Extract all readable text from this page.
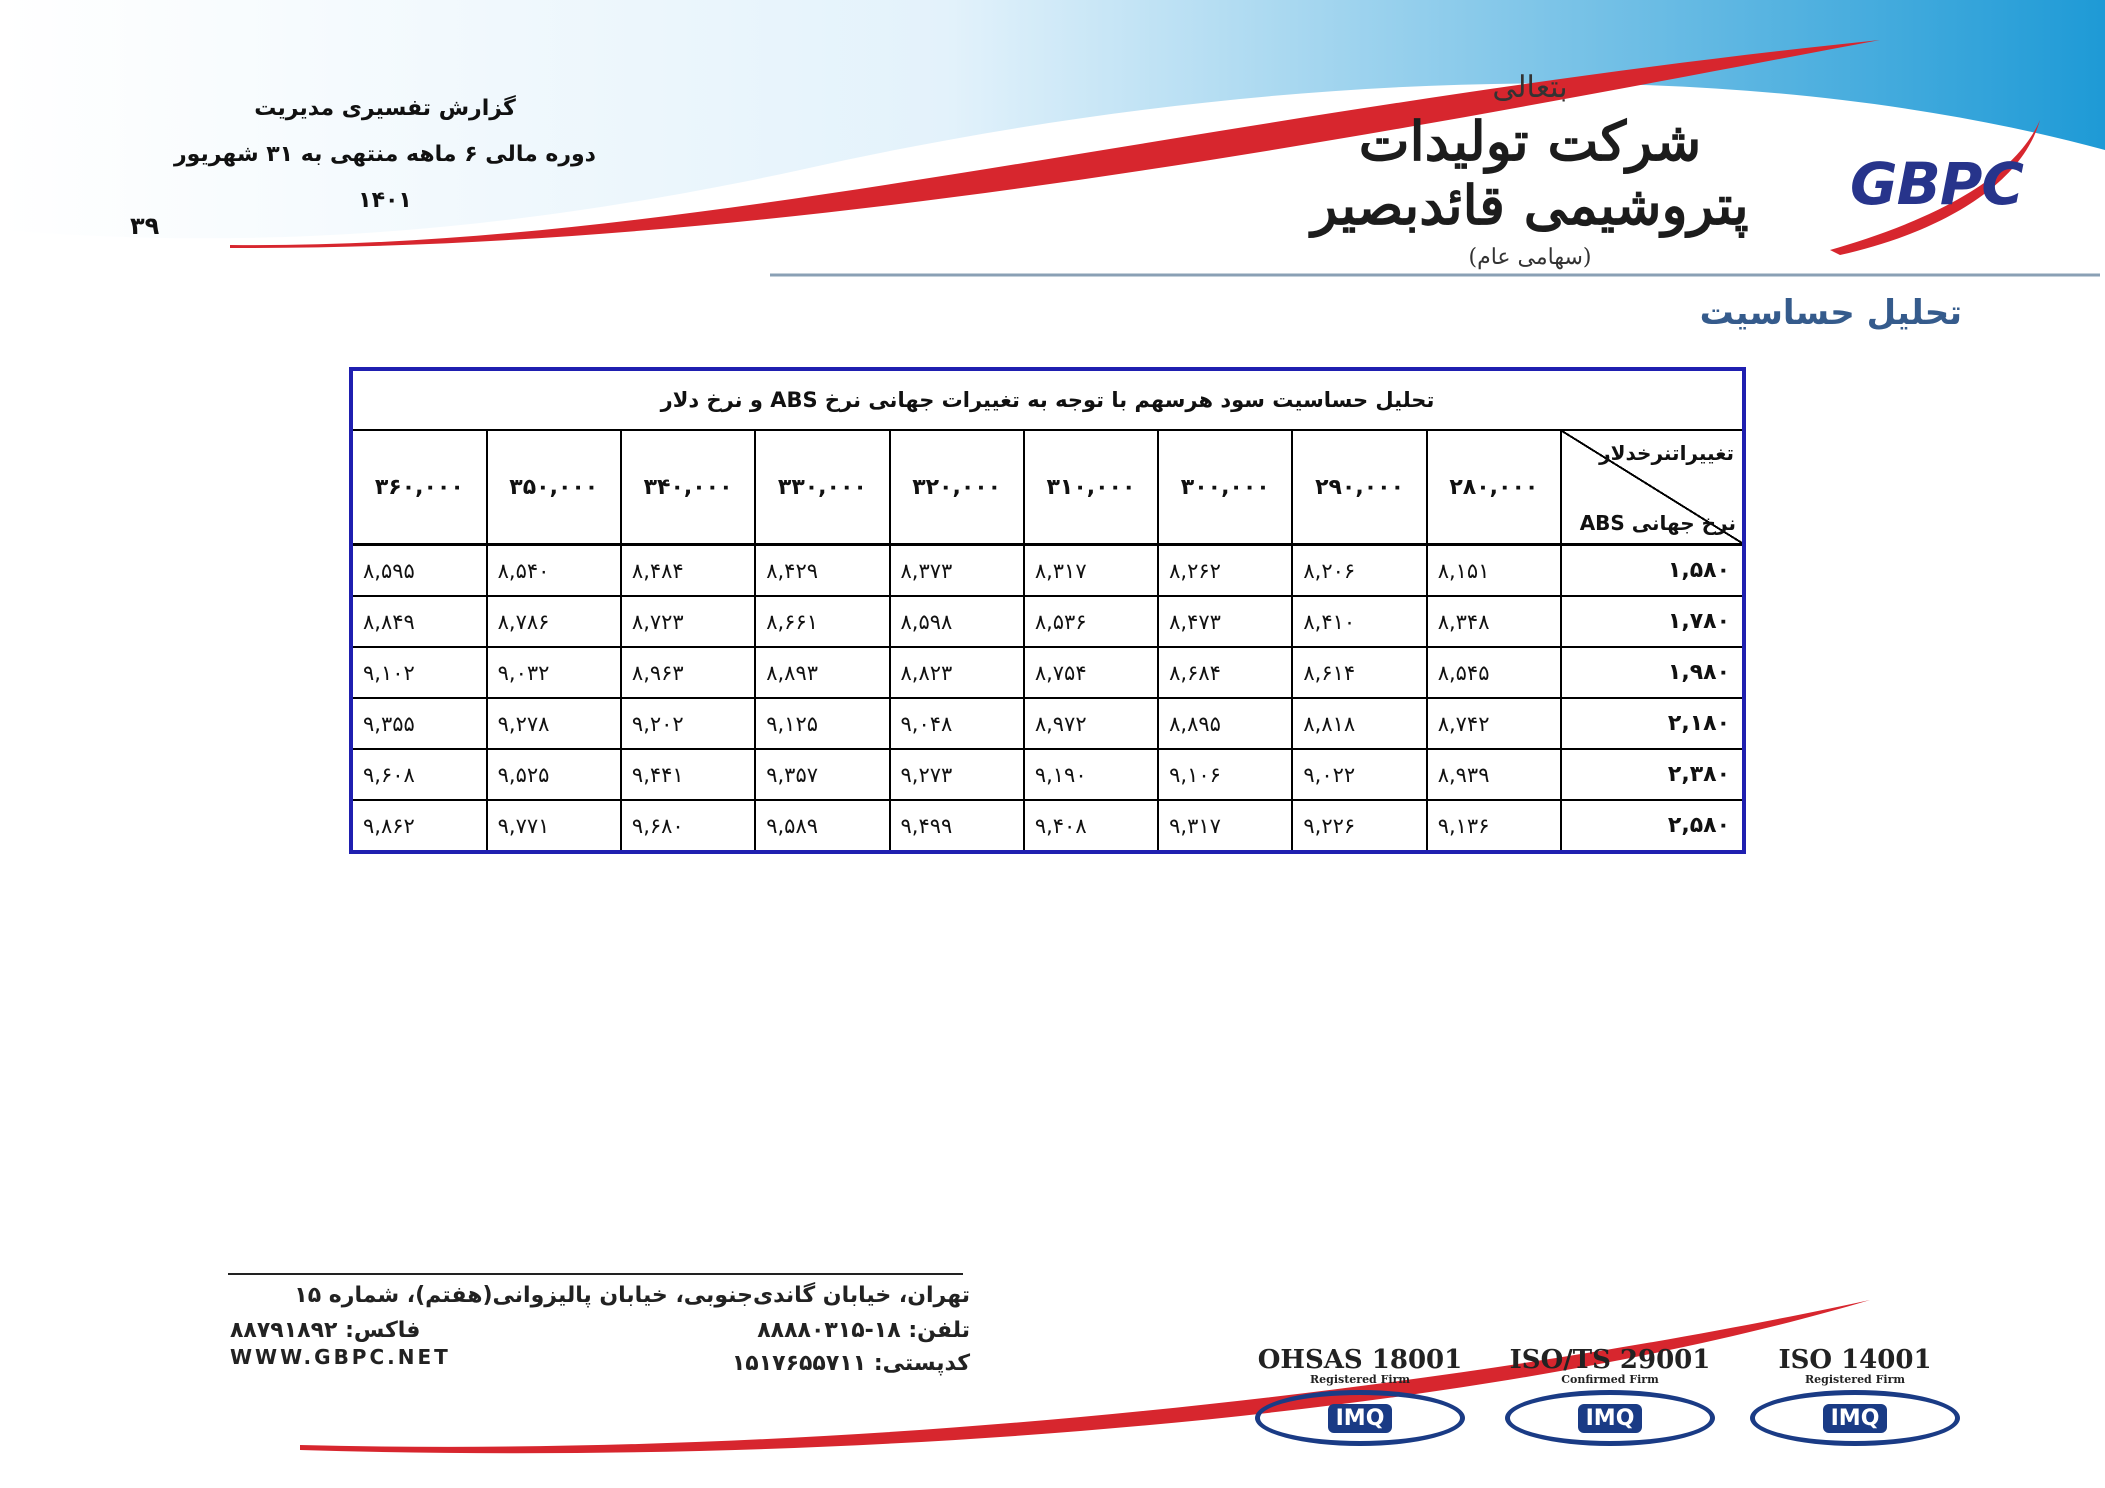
گزارش تفسیری مدیریت
دوره مالی ۶ ماهه منتهی به ۳۱ شهریور ۱۴۰۱
۳۹
بتعالی
شرکت تولیدات پتروشیمی قائدبصیر
(سهامی عام)
GBPC
تحلیل حساسیت
تحلیل حساسیت سود هرسهم با توجه به تغییرات جهانی نرخ ABS و نرخ دلار									

تغییراتنرخدلار
نرخ جهانی ABS	۲۸۰,۰۰۰	۲۹۰,۰۰۰	۳۰۰,۰۰۰	۳۱۰,۰۰۰	۳۲۰,۰۰۰	۳۳۰,۰۰۰	۳۴۰,۰۰۰	۳۵۰,۰۰۰	۳۶۰,۰۰۰
۱,۵۸۰	۸,۱۵۱	۸,۲۰۶	۸,۲۶۲	۸,۳۱۷	۸,۳۷۳	۸,۴۲۹	۸,۴۸۴	۸,۵۴۰	۸,۵۹۵
۱,۷۸۰	۸,۳۴۸	۸,۴۱۰	۸,۴۷۳	۸,۵۳۶	۸,۵۹۸	۸,۶۶۱	۸,۷۲۳	۸,۷۸۶	۸,۸۴۹
۱,۹۸۰	۸,۵۴۵	۸,۶۱۴	۸,۶۸۴	۸,۷۵۴	۸,۸۲۳	۸,۸۹۳	۸,۹۶۳	۹,۰۳۲	۹,۱۰۲
۲,۱۸۰	۸,۷۴۲	۸,۸۱۸	۸,۸۹۵	۸,۹۷۲	۹,۰۴۸	۹,۱۲۵	۹,۲۰۲	۹,۲۷۸	۹,۳۵۵
۲,۳۸۰	۸,۹۳۹	۹,۰۲۲	۹,۱۰۶	۹,۱۹۰	۹,۲۷۳	۹,۳۵۷	۹,۴۴۱	۹,۵۲۵	۹,۶۰۸
۲,۵۸۰	۹,۱۳۶	۹,۲۲۶	۹,۳۱۷	۹,۴۰۸	۹,۴۹۹	۹,۵۸۹	۹,۶۸۰	۹,۷۷۱	۹,۸۶۲
تهران، خیابان گاندی‌جنوبی، خیابان پالیزوانی(هفتم)، شماره ۱۵
تلفن: ۱۸-۸۸۸۸۰۳۱۵
فاکس: ۸۸۷۹۱۸۹۲
کدپستی: ۱۵۱۷۶۵۵۷۱۱
WWW.GBPC.NET	OHSAS 18001
Registered Firm
IMQ
ISO/TS 29001
Confirmed Firm
IMQ
ISO 14001
Registered Firm
IMQ
